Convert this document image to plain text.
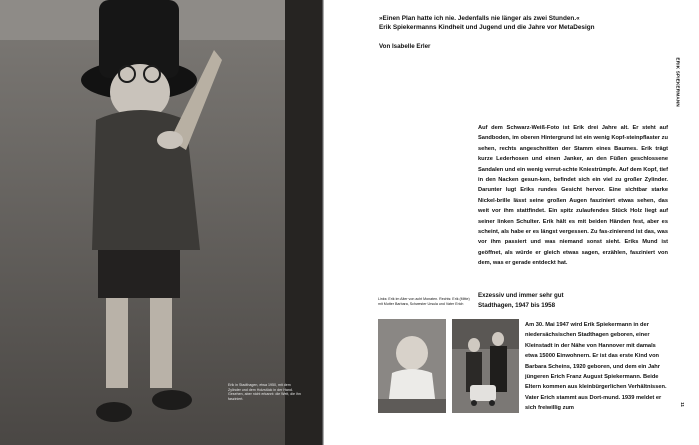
Erik in Stadthagen, etwa 1950, mit dem Zylinder und dem Holzstück in der Hand. Gesehen, aber nicht erkannt: die Welt, die ihn fasziniert.
»Einen Plan hatte ich nie. Jedenfalls nie länger als zwei Stunden.«
Erik Spiekermanns Kindheit und Jugend und die Jahre vor MetaDesign
Von Isabelle Erler
ERIK SPIEKERMANN
Auf dem Schwarz-Weiß-Foto ist Erik drei Jahre alt. Er steht auf Sandboden, im oberen Hintergrund ist ein wenig Kopf-steinpflaster zu sehen, rechts angeschnitten der Stamm eines Baumes. Erik trägt kurze Lederhosen und einen Janker, an den Füßen geschlossene Sandalen und ein wenig verrut-schte Kniestrümpfe. Auf dem Kopf, tief in den Nacken gesun-ken, befindet sich ein viel zu großer Zylinder. Darunter lugt Eriks rundes Gesicht hervor. Eine sichtbar starke Nickel-brille lässt seine großen Augen fasziniert etwas sehen, das weit vor ihm stattfindet. Ein spitz zulaufendes Stück Holz liegt auf seiner linken Schulter. Erik hält es mit beiden Händen fest, aber es scheint, als habe er es längst vergessen. Zu fas-zinierend ist das, was vor ihm passiert und was niemand sonst sieht. Eriks Mund ist geöffnet, als würde er gleich etwas sagen, erzählen, fasziniert von dem, was er gerade entdeckt hat.
Exzessiv und immer sehr gut
Stadthagen, 1947 bis 1958
Links: Erik im Alter von acht Monaten. Rechts: Erik (Mitte) mit Mutter Barbara, Schwester Ursula und Vater Erich
Am 30. Mai 1947 wird Erik Spiekermann in der niedersächsischen Stadthagen geboren, einer Kleinstadt in der Nähe von Hannover mit damals etwa 15000 Einwohnern. Er ist das erste Kind von Barbara Scheins, 1920 geboren, und dem ein Jahr jüngeren Erich Franz August Spiekermann. Beide Eltern kommen aus kleinbürgerlichen Verhältnissen. Vater Erich stammt aus Dort-mund. 1939 meldet er sich freiwillig zum
11
